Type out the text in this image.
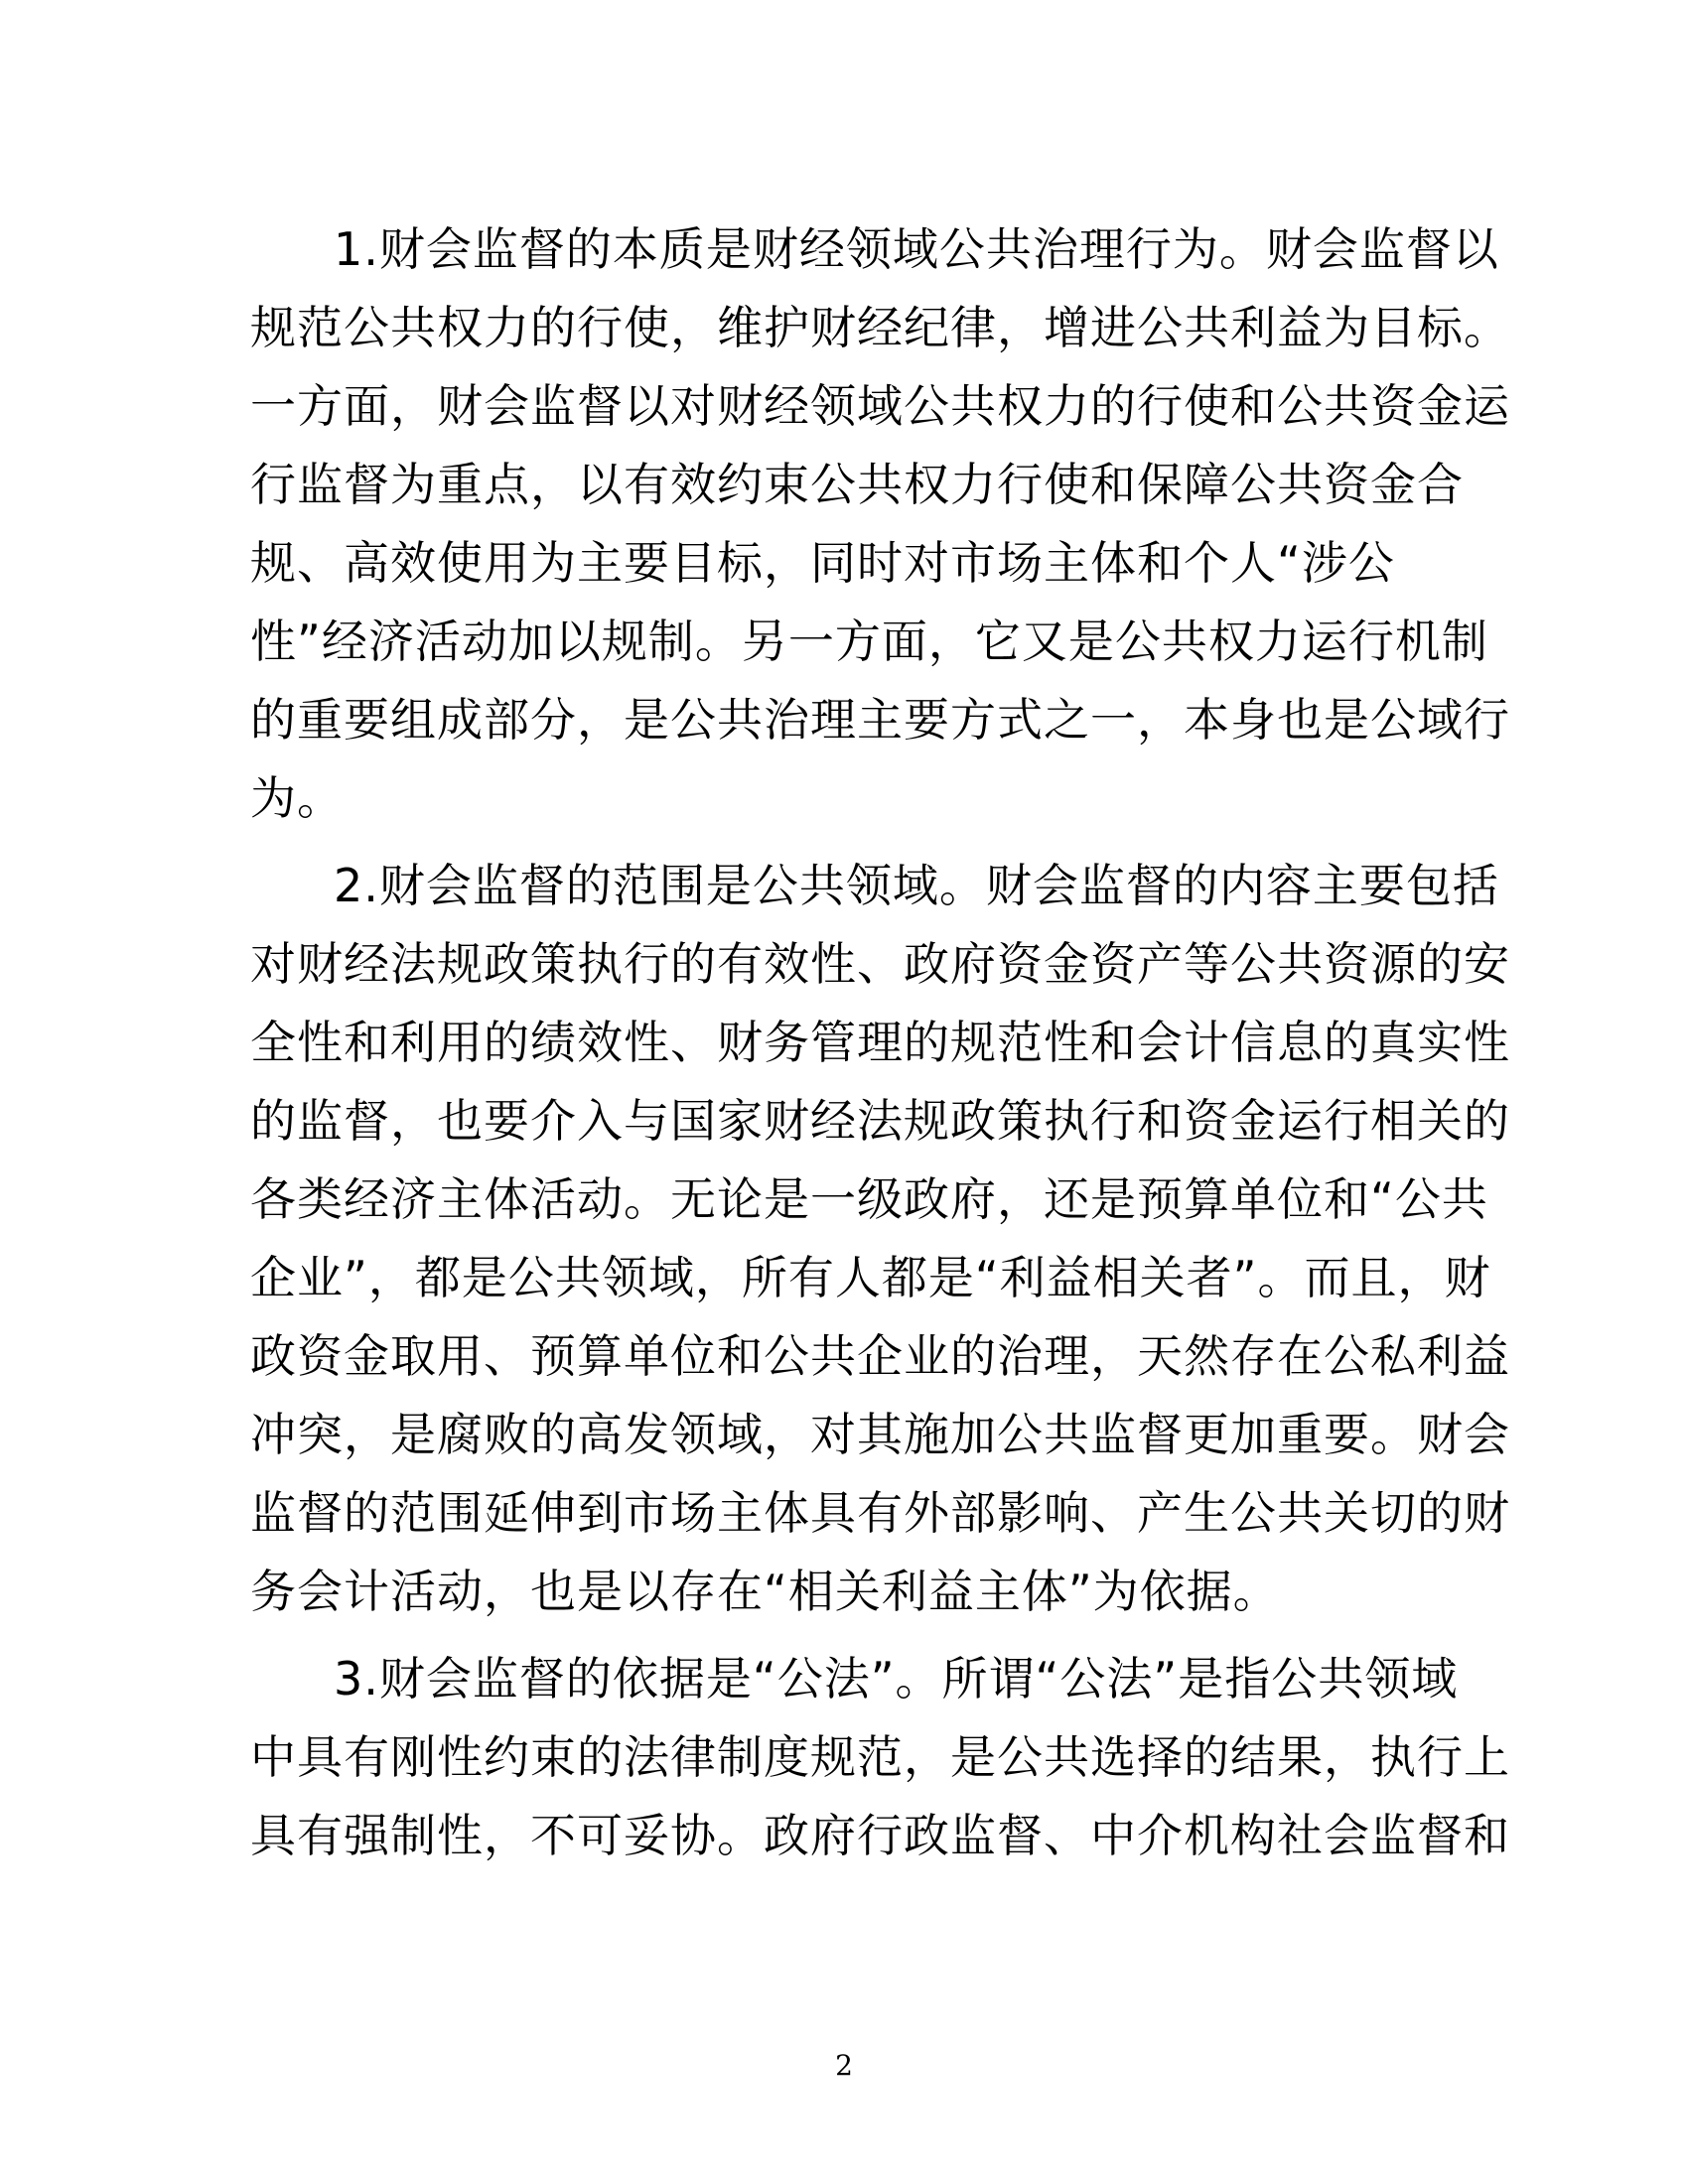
1.财会监督的本质是财经领域公共治理行为。财会监督以
规范公共权力的行使，维护财经纪律，增进公共利益为目标。
一方面，财会监督以对财经领域公共权力的行使和公共资金运
行监督为重点，以有效约束公共权力行使和保障公共资金合
规、高效使用为主要目标，同时对市场主体和个人“涉公
性”经济活动加以规制。另一方面，它又是公共权力运行机制
的重要组成部分，是公共治理主要方式之一，本身也是公域行
为。
2.财会监督的范围是公共领域。财会监督的内容主要包括
对财经法规政策执行的有效性、政府资金资产等公共资源的安
全性和利用的绩效性、财务管理的规范性和会计信息的真实性
的监督，也要介入与国家财经法规政策执行和资金运行相关的
各类经济主体活动。无论是一级政府，还是预算单位和“公共
企业”，都是公共领域，所有人都是“利益相关者”。而且，财
政资金取用、预算单位和公共企业的治理，天然存在公私利益
冲突，是腐败的高发领域，对其施加公共监督更加重要。财会
监督的范围延伸到市场主体具有外部影响、产生公共关切的财
务会计活动，也是以存在“相关利益主体”为依据。
3.财会监督的依据是“公法”。所谓“公法”是指公共领域
中具有刚性约束的法律制度规范，是公共选择的结果，执行上
具有强制性，不可妥协。政府行政监督、中介机构社会监督和
2
